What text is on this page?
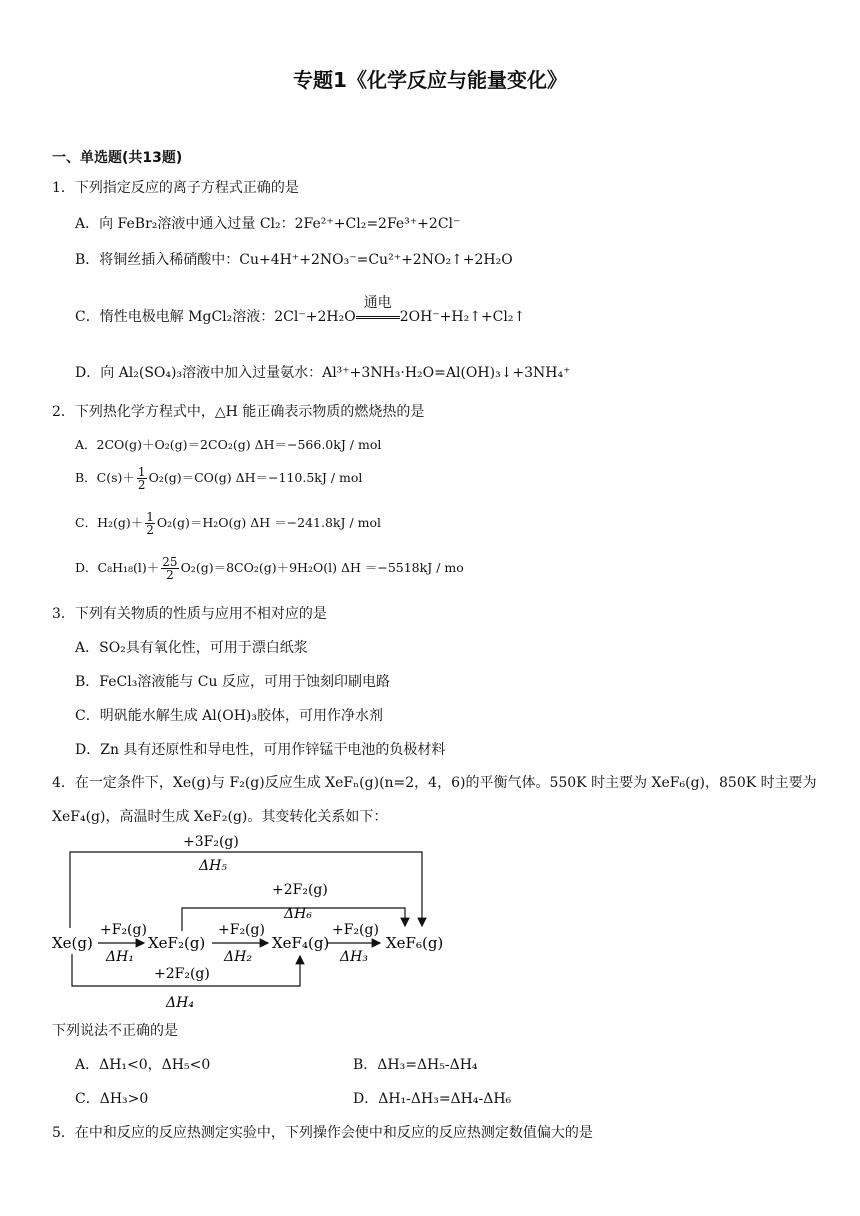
专题1《化学反应与能量变化》
一、单选题(共13题)
1．下列指定反应的离子方程式正确的是
A．向 FeBr₂溶液中通入过量 Cl₂：2Fe²⁺+Cl₂=2Fe³⁺+2Cl⁻
B．将铜丝插入稀硝酸中：Cu+4H⁺+2NO₃⁻=Cu²⁺+2NO₂↑+2H₂O
C．惰性电极电解 MgCl₂溶液：2Cl⁻+2H₂O
通电
2OH⁻+H₂↑+Cl₂↑
D．向 Al₂(SO₄)₃溶液中加入过量氨水：Al³⁺+3NH₃·H₂O=Al(OH)₃↓+3NH₄⁺
2．下列热化学方程式中，△H 能正确表示物质的燃烧热的是
A．2CO(g)＋O₂(g)＝2CO₂(g) ΔH＝−566.0kJ / mol
B．$C(s)+ \frac{1}{2} O_2(g)=CO(g)$ ΔH＝−110.5kJ / mol
C．$H_2(g)+ \frac{1}{2} O_2(g)=H_2O(g)$ ΔH ＝−241.8kJ / mol
D．$C_8H_{18}(l)+ \frac{25}{2} O_2(g)=8CO_2(g)+9H_2O(l)$ ΔH ＝−5518kJ / mo
3．下列有关物质的性质与应用不相对应的是
A．SO₂具有氧化性，可用于漂白纸浆
B．FeCl₃溶液能与 Cu 反应，可用于蚀刻印刷电路
C．明矾能水解生成 Al(OH)₃胶体，可用作净水剂
D．Zn 具有还原性和导电性，可用作锌锰干电池的负极材料
4．在一定条件下，Xe(g)与 F₂(g)反应生成 XeFₙ(g)(n=2，4，6)的平衡气体。550K 时主要为 XeF₆(g)，850K 时主要为
XeF₄(g)，高温时生成 XeF₂(g)。其变转化关系如下：
Xe(g)	XeF₂(g)	XeF₄(g)	XeF₆(g)
+3F₂(g)
ΔH₅
+2F₂(g)
ΔH₆
+F₂(g)
ΔH₁
+F₂(g)
ΔH₂
+F₂(g)
ΔH₃
+2F₂(g)
ΔH₄
下列说法不正确的是
A．ΔH₁<0，ΔH₅<0	B．ΔH₃=ΔH₅-ΔH₄
C．ΔH₃>0	D．ΔH₁-ΔH₃=ΔH₄-ΔH₆
5．在中和反应的反应热测定实验中，下列操作会使中和反应的反应热测定数值偏大的是
